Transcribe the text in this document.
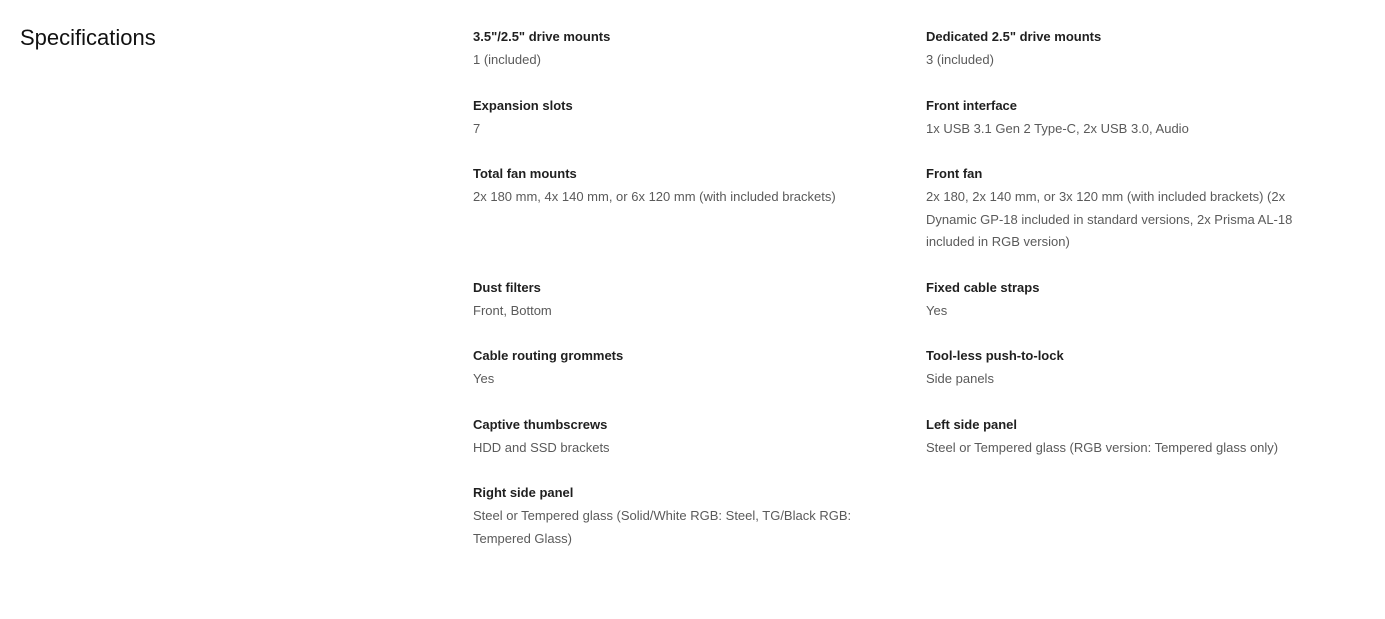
Specifications	3.5"/2.5" drive mounts
1 (included)
Dedicated 2.5" drive mounts
3 (included)
Expansion slots
7
Front interface
1x USB 3.1 Gen 2 Type-C, 2x USB 3.0, Audio
Total fan mounts
2x 180 mm, 4x 140 mm, or 6x 120 mm (with included brackets)
Front fan
2x 180, 2x 140 mm, or 3x 120 mm (with included brackets) (2x Dynamic GP-18 included in standard versions, 2x Prisma AL-18 included in RGB version)
Dust filters
Front, Bottom
Fixed cable straps
Yes
Cable routing grommets
Yes
Tool-less push-to-lock
Side panels
Captive thumbscrews
HDD and SSD brackets
Left side panel
Steel or Tempered glass (RGB version: Tempered glass only)
Right side panel
Steel or Tempered glass (Solid/White RGB: Steel, TG/Black RGB: Tempered Glass)
